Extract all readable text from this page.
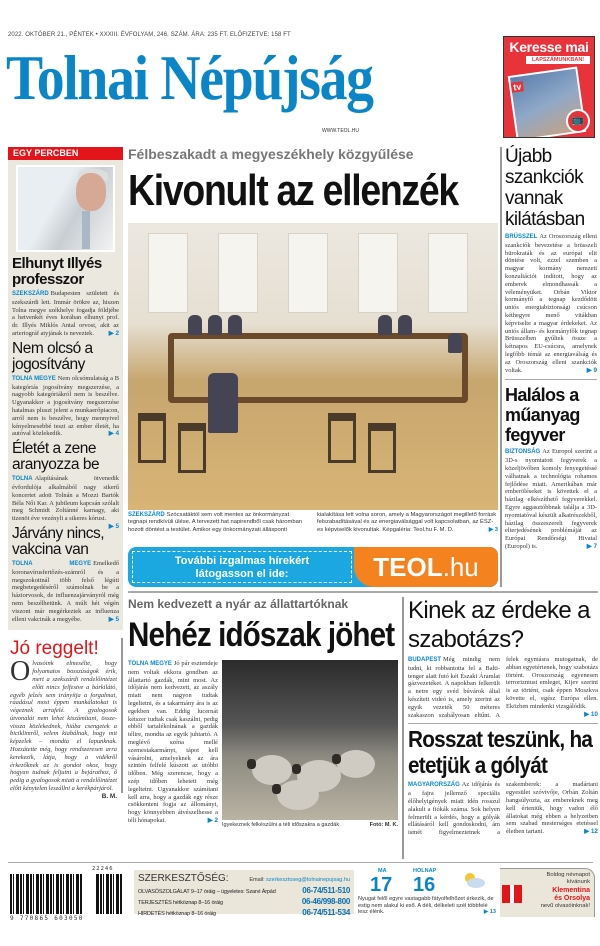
2022. OKTÓBER 21., PÉNTEK • XXXIII. ÉVFOLYAM, 246. SZÁM. ÁRA: 235 FT. ELŐFIZETVE: 158 FT
Tolnai Népújság
WWW.TEOL.HU
Keresse mai
LAPSZÁMUNKBAN!
tv
📺
EGY PERCBEN
Elhunyt Illyés professzor
SZEKSZÁRD Budapesten született és szekszárdi lett. Immár örökre az, hiszen Tolna megye székhelye fogadja földjébe a hetvenkét éves korában elhunyt prof. dr. Illyés Miklós Antal orvost, akit az arteriográf atyjának is neveztek. ▶ 2
Nem olcsó a jogosítvány
TOLNA MEGYE Nem olcsómulatság a B kategóriás jogosítvány megszerzése, a nagyobb kategóriákról nem is beszélve. Ugyanakkor a jogosítvány megszerzése hatalmas pluszt jelent a munkaerőpiacon, arról nem is beszélve, hogy mennyivel kényelmesebbé teszi az ember életét, ha autóval közlekedik.	▶ 4
Életét a zene aranyozza be
TOLNA Alapításának ötvenedik évfordulója alkalmából nagy sikerű koncertet adott Tolnán a Mozzi Bartók Béla Női Kar. A jubileum kapcsán szólalt meg Schmidt Zoltánné karnagy, aki tizenöt éve vezényli a sikeres kórust.
▶ 5
Járvány nincs, vakcina van
TOLNA MEGYE Emelkedő koronavírusfertőzés-számról és a megszokottnál több felső légúti megbetegedéséről számolnak be a háziorvosok, de influenzajárványról még nem beszélhetünk. A múlt hét végén viszont már megérkeztek az influenza elleni vakcinák a megyébe.	▶ 5
Jó reggelt!
Olvasóink elmesélte, hogy folyamatos bosszúságok érik, mert a szekszárdi rendelőintézet előtt nincs felfestve a bárkilátó, egyéb jelzés sem irányítja a forgalmat, ráadásul most éppen munkálatokat is végeznek arrafelé. A gyalogosok útvonalát nem lehet kiszámítani, össze-vissza közlekednek, hiába csengetek a biciklimről, velem kiabálnak, hogy mit képzelek – mondta el lapunknak. Hozzátette még, hogy rendszeresen arra kerekezik, látja, hogy a vidékről érkezőknek az is gondot okoz, hogy hogyan tudnak feljutni a bejárathoz, ő pedig a gyalogosok miatt a rendelőintézet előtt kénytelen leszállni a kerékpárjáról.
B. M.
Félbeszakadt a megyeszékhely közgyűlése
Kivonult az ellenzék
SZEKSZÁRD Szócsatáktól sem volt mentes az önkormányzat tegnapi rendkívüli ülése. A tervezett hat napirendből csak háromban hozott döntést a testület. Amikor egy önkormányzati állásponti kialakítása lett volna soron, amely a Magyarországot megillető forrásk felszabadításával és az energiaválsággal volt kapcsolatban, az ÉSZ-es képviselők kivonultak. Képgaléria: Teol.hu F. M. D.	▶ 3
További izgalmas hírekért
látogasson el ide:	TEOL.hu
Újabb szankciók vannak kilátásban
BRÜSSZEL Az Oroszország elleni szankciók bevezetése a brüsszeli bürokraták és az európai elit döntése volt, ezzel szemben a magyar kormány nemzeti konzultációt indított, hogy az emberek elmondhassák a véleményüket. Orbán Viktor kormányfő a tegnap kezdődött uniós energiabiztonsági csúcson kéthegyre menő vitákban képviselte a magyar érdekeket. Az uniós állam- és kormányfők tegnap Brüsszelben gyűltek össze a kétnapos EU-csúcsra, amelynek legfőbb témái az energiaválság és az Oroszország elleni szankciók voltak.	▶ 9
Halálos a műanyag fegyver
BIZTONSÁG Az Europol szerint a 3D-s nyomtatott fegyverek a közeljövőben komoly fenyegetéssé válhatnak a technológia rohamos fejlődése miatt. Amerikában már emberöléseket is követtek el a házilag elkészíthető fegyverekkel. Egyre aggasztóbbnak találja a 3D-nyomtatóval készült alkatrészekből, házilag összeszerelt fegyverek elterjedésének problémáját az Európai Rendőrségi Hivatal (Europol) is.	▶ 7
Nem kedvezett a nyár az állattartóknak
Nehéz időszak jöhet
TOLNA MEGYE Jó pár esztendeje nem voltak ekkora gondban az állattartó gazdák, mint most. Az időjárás nem kedvezett, az aszály miatt nem nagyon tudtak legeltetni, és a takarmány ára is az egekben van. Eddig lucernát kétszer tudtak csak kaszálni, pedig ebből tartalékolnának a gazdák télire, mondta az egyik juhtartó. A meglévő széna mellé szemestakarmányt, tápot kell vásárolni, amelyeknek az ára szintén felfelé kúszott az utóbbi időben. Még szerencse, hogy a szép időben lehetett még legeltetni. Ugyanakkor számítani kell arra, hogy a gazdák egy része csökkenteni fogja az állományt, hogy könnyebben átvészelhesse a téli hónapokat.	▶ 2
Igyekeznek felkészülni a téli időszakra a gazdák	Fotó: M. K.
Kinek az érdeke a szabotázs?
BUDAPEST Még mindig nem tudni, ki robbantotta fel a Balti-tenger alatt futó két Északi Áramlat gázvezetéket. A napokban felkerült a netre egy svéd búvárok által készített videó is, amely szerint az egyik vezeték 50 méteres szakaszon szabályosan eltűnt. A felek egymásra mutogatnak, de abban egyetértenek, hogy szabotázs történt. Oroszország egyenesen terrorizmust emleget, Kijev szerint is az történt, csak éppen Moszkva követte el, egész Európa ellen. Eközben mindenki vizsgálódik.
▶ 10
Rosszat teszünk, ha etetjük a gólyát
MAGYARORSZÁG Az időjárás és a fajra jellemző speciális élőhelyigények miatt idén rosszul alakult a fiókák száma. Sok helyen felmerült a kérdés, hogy a gólyák ellátásáról kell gondoskodni, ám ismét figyelmeztetnek a szakemberek: a madártani egyesület szóvivője, Orbán Zoltán hangsúlyozta, az embereknek meg kell érteniük, hogy vadon élő állatokat még ebben a helyzetben sem szabad mesterséges etetéssel életben tartani.	▶ 12
9 770865 603050
22246
SZERKESZTŐSÉG:	Email: szerkesztoseg@tolnainepujsag.hu
OLVASÓSZOLGÁLAT 9–17 óráig – ügyeletes: Szarvi Árpád	06-74/511-510
TERJESZTÉS hétköznap 8–16 óráig	06-46/998-800
HIRDETÉS hétköznap 8–16 óráig	06-74/511-534
MA
17
HOLNAP
16
Nyugat felől egyre vastagabb fátyolfelhőzet érkezik, de estig nem alakul ki eső. A déli, délkeleti szél többfelé lesz élénk.	▶ 13
Boldog névnapot
kívánunk
Klementina
és Orsolya
nevű olvasóinknak!
